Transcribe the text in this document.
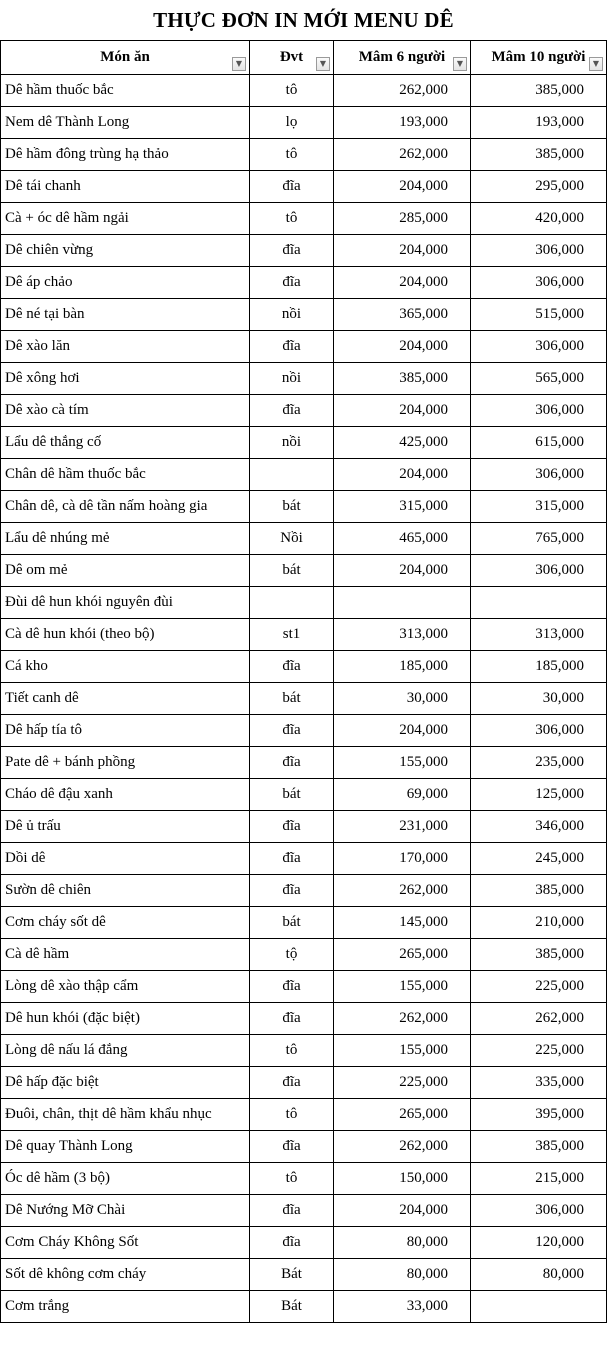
THỰC ĐƠN IN MỚI MENU DÊ
Món ăn ▼	Đvt ▼	Mâm 6 người ▼	Mâm 10 người ▼

Dê hầm thuốc bắc	tô	262,000	385,000
Nem dê Thành Long	lọ	193,000	193,000
Dê hầm đông trùng hạ thảo	tô	262,000	385,000
Dê tái chanh	đĩa	204,000	295,000
Cà + óc dê hầm ngải	tô	285,000	420,000
Dê chiên vừng	đĩa	204,000	306,000
Dê áp chảo	đĩa	204,000	306,000
Dê né tại bàn	nồi	365,000	515,000
Dê xào lăn	đĩa	204,000	306,000
Dê xông hơi	nồi	385,000	565,000
Dê xào cà tím	đĩa	204,000	306,000
Lẩu dê thắng cố	nồi	425,000	615,000
Chân dê hầm thuốc bắc		204,000	306,000
Chân dê, cà dê tần nấm hoàng gia	bát	315,000	315,000
Lẩu dê nhúng mẻ	Nồi	465,000	765,000
Dê om mẻ	bát	204,000	306,000
Đùi dê hun khói nguyên đùi			
Cà dê hun khói (theo bộ)	st1	313,000	313,000
Cá kho	đĩa	185,000	185,000
Tiết canh dê	bát	30,000	30,000
Dê hấp tía tô	đĩa	204,000	306,000
Pate dê + bánh phồng	đĩa	155,000	235,000
Cháo dê đậu xanh	bát	69,000	125,000
Dê ủ trấu	đĩa	231,000	346,000
Dồi dê	đĩa	170,000	245,000
Sườn dê chiên	đĩa	262,000	385,000
Cơm cháy sốt dê	bát	145,000	210,000
Cà dê hầm	tộ	265,000	385,000
Lòng dê xào thập cẩm	đĩa	155,000	225,000
Dê hun khói (đặc biệt)	đĩa	262,000	262,000
Lòng dê nấu lá đắng	tô	155,000	225,000
Dê hấp đặc biệt	đĩa	225,000	335,000
Đuôi, chân, thịt dê hầm khẩu nhục	tô	265,000	395,000
Dê quay Thành Long	đĩa	262,000	385,000
Óc dê hầm (3 bộ)	tô	150,000	215,000
Dê Nướng Mỡ Chài	đĩa	204,000	306,000
Cơm Cháy Không Sốt	đĩa	80,000	120,000
Sốt dê không cơm cháy	Bát	80,000	80,000
Cơm trắng	Bát	33,000	
